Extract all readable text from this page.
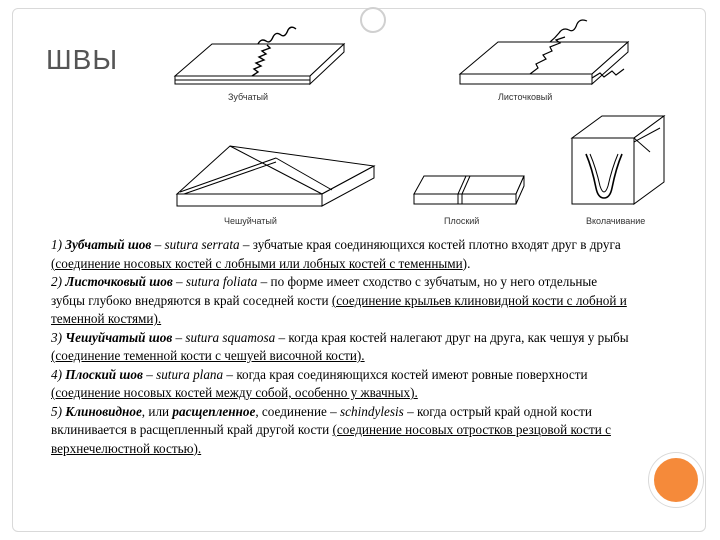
ШВЫ
Зубчатый	Листочковый
Чешуйчатый	Плоский	Вколачивание

1) Зубчатый шов – sutura serrata – зубчатые края соединяющихся костей плотно входят друг в друга (соединение носовых костей с лобными или лобных костей с теменными).

2) Листочковый шов – sutura foliata – по форме имеет сходство с зубчатым, но у него отдельные зубцы глубоко внедряются в край соседней кости (соединение крыльев клиновидной кости с лобной и теменной костями).

3) Чешуйчатый шов – sutura squamosa – когда края костей налегают друг на друга, как чешуя у рыбы (соединение теменной кости с чешуей височной кости).

4) Плоский шов – sutura plana – когда края соединяющихся костей имеют ровные поверхности (соединение носовых костей между собой, особенно у жвачных).

5) Клиновидное, или расщепленное, соединение – schindylesis – когда острый край одной кости вклинивается в расщепленный край другой кости (соединение носовых отростков резцовой кости с верхнечелюстной костью).
